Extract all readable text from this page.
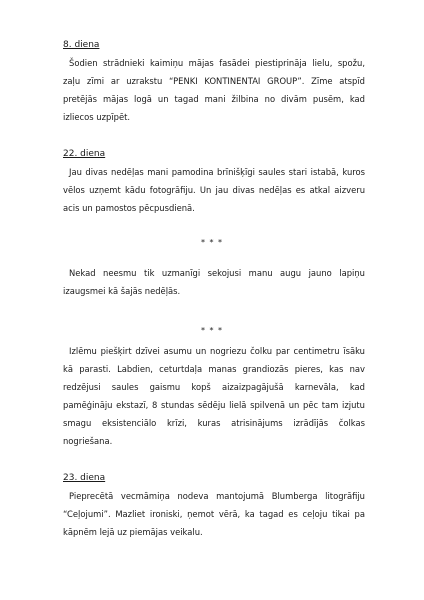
8. diena

Šodien strādnieki kaimiņu mājas fasādei piestiprināja lielu, spožu, zaļu zīmi ar uzrakstu “PENKI KONTINENTAI GROUP”. Zīme atspīd pretējās mājas logā un tagad mani žilbina no divām pusēm, kad izliecos uzpīpēt.

22. diena

Jau divas nedēļas mani pamodina brīnišķīgi saules stari istabā, kuros vēlos uzņemt kādu fotogrāfiju. Un jau divas nedēļas es atkal aizveru acis un pamostos pēcpusdienā.

* * *

Nekad neesmu tik uzmanīgi sekojusi manu augu jauno lapiņu izaugsmei kā šajās nedēļās.

* * *

Izlēmu piešķirt dzīvei asumu un nogriezu čolku par centimetru īsāku kā parasti. Labdien, ceturtdaļa manas grandiozās pieres, kas nav redzējusi saules gaismu kopš aizaizpagājušā karnevāla, kad pamēģināju ekstazī, 8 stundas sēdēju lielā spilvenā un pēc tam izjutu smagu eksistenciālo krīzi, kuras atrisinājums izrādījās čolkas nogriešana.

23. diena

Pieprecētā vecmāmiņa nodeva mantojumā Blumberga litogrāfiju “Ceļojumi”. Mazliet ironiski, ņemot vērā, ka tagad es ceļoju tikai pa kāpnēm lejā uz piemājas veikalu.
